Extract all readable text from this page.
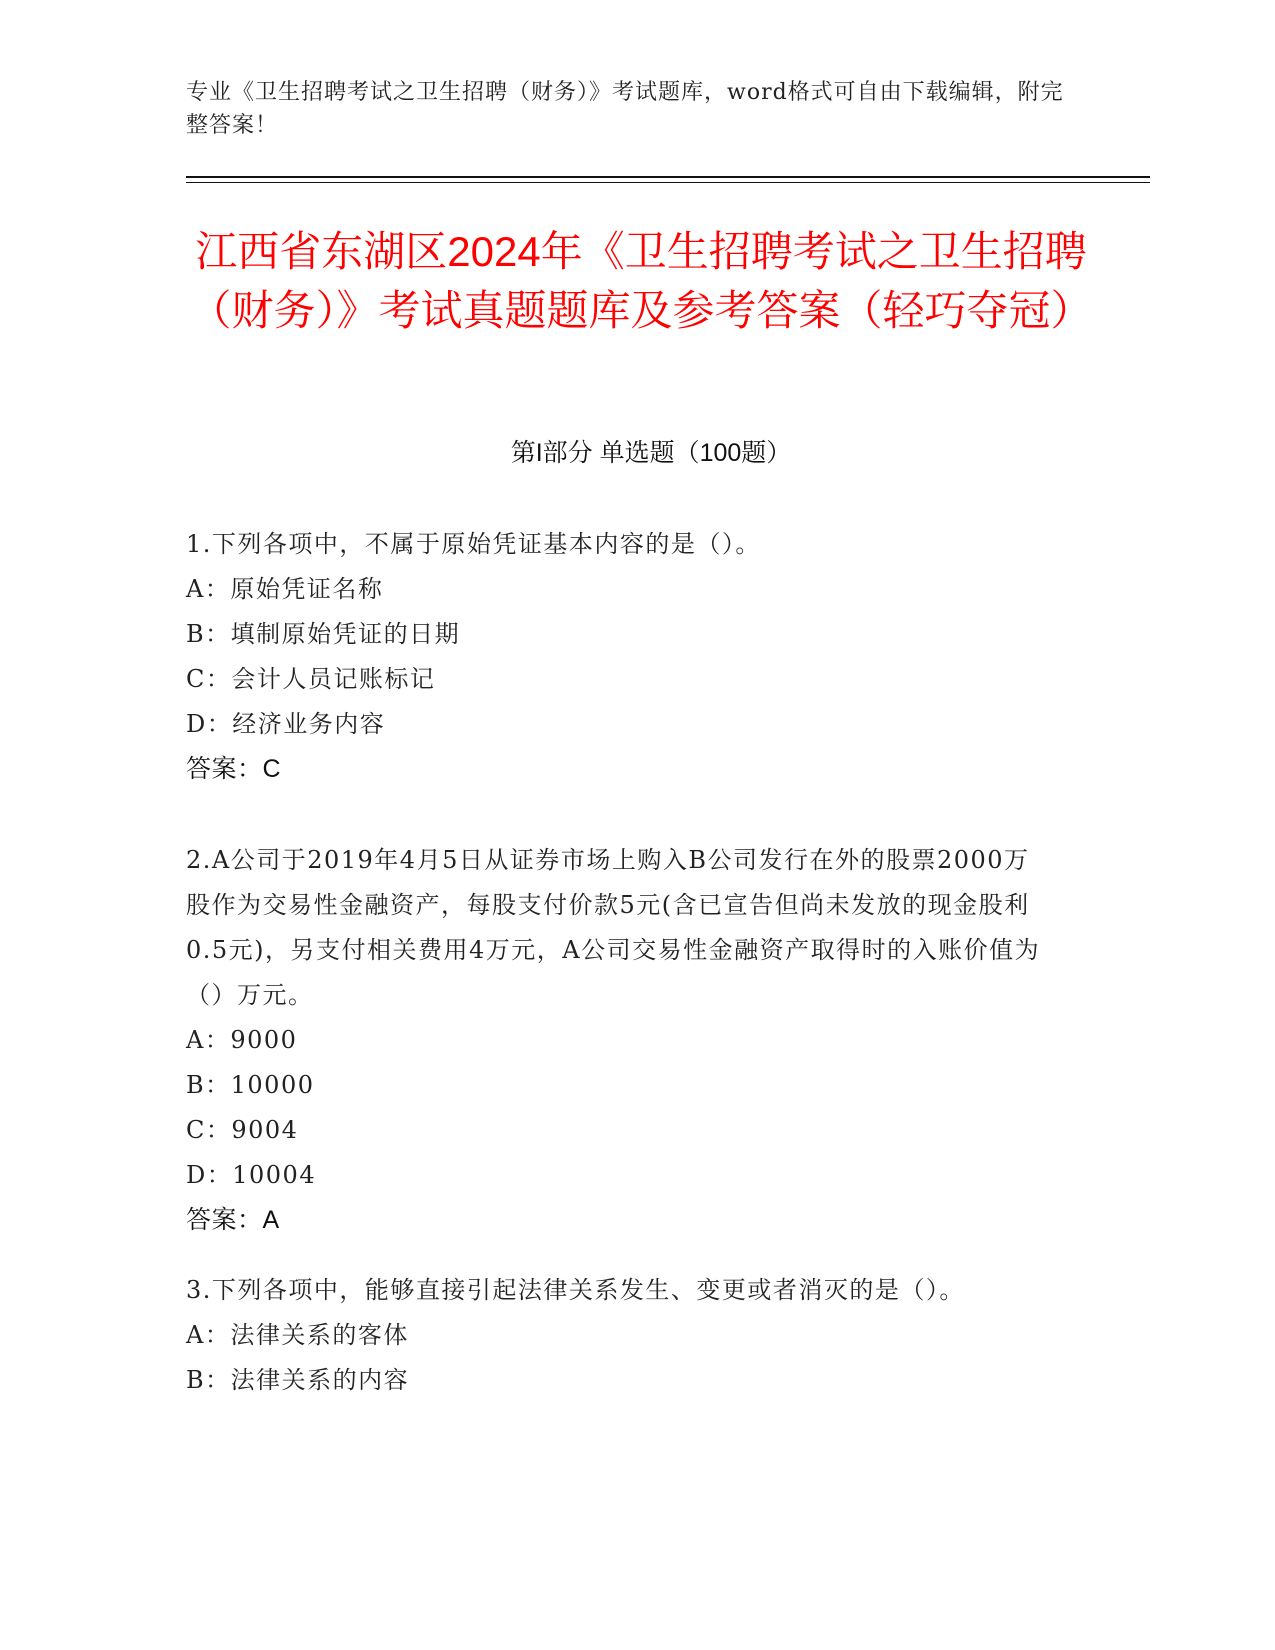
专业《卫生招聘考试之卫生招聘（财务）》考试题库，word格式可自由下载编辑，附完整答案！
江西省东湖区2024年《卫生招聘考试之卫生招聘（财务）》考试真题题库及参考答案（轻巧夺冠）
第I部分 单选题（100题）
1.下列各项中，不属于原始凭证基本内容的是（）。
A：原始凭证名称
B：填制原始凭证的日期
C：会计人员记账标记
D：经济业务内容
答案：C
2.A公司于2019年4月5日从证券市场上购入B公司发行在外的股票2000万股作为交易性金融资产，每股支付价款5元(含已宣告但尚未发放的现金股利0.5元)，另支付相关费用4万元，A公司交易性金融资产取得时的入账价值为（）万元。
A：9000
B：10000
C：9004
D：10004
答案：A
3.下列各项中，能够直接引起法律关系发生、变更或者消灭的是（）。
A：法律关系的客体
B：法律关系的内容
